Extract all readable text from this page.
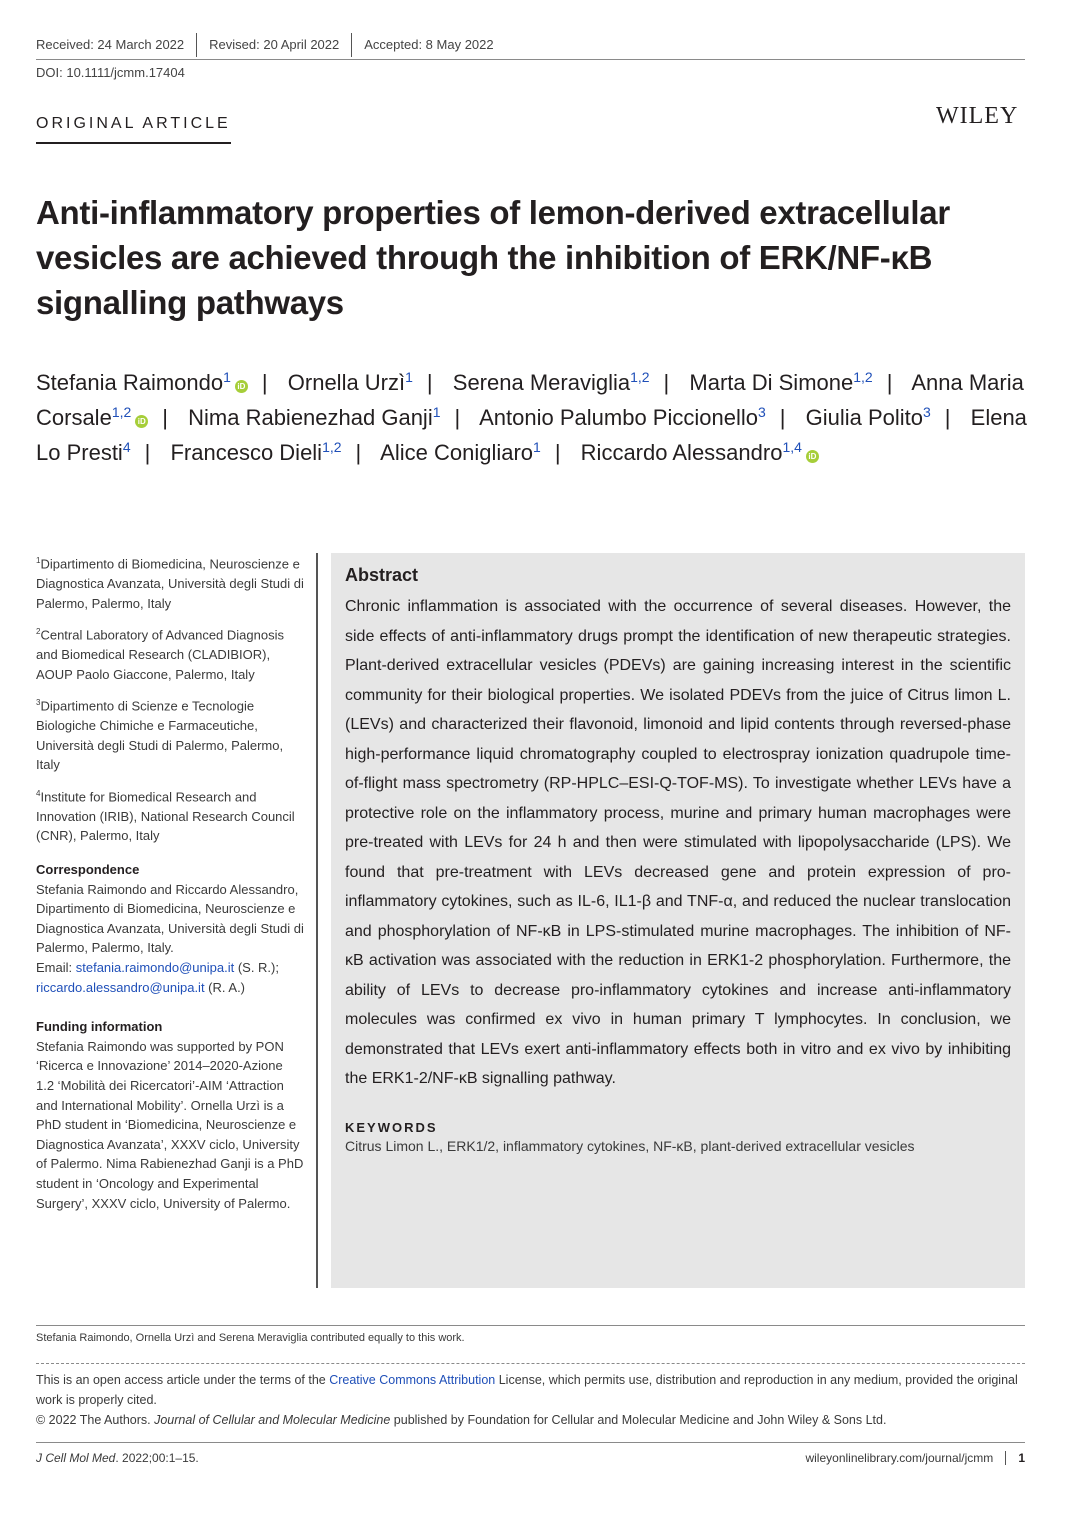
Received: 24 March 2022 Revised: 20 April 2022 Accepted: 8 May 2022
DOI: 10.1111/jcmm.17404
ORIGINAL ARTICLE	WILEY
Anti-inflammatory properties of lemon-derived extracellular vesicles are achieved through the inhibition of ERK/NF-κB signalling pathways
Stefania Raimondo$^1$iD | Ornella Urzì$^1$ | Serena Meraviglia$^{1,2}$ | Marta Di Simone$^{1,2}$ | Anna Maria Corsale$^{1,2}$iD | Nima Rabienezhad Ganji$^1$ | Antonio Palumbo Piccionello$^3$ | Giulia Polito$^3$ | Elena Lo Presti$^4$ | Francesco Dieli$^{1,2}$ | Alice Conigliaro$^1$ | Riccardo Alessandro$^{1,4}$iD
$^1$Dipartimento di Biomedicina, Neuroscienze e Diagnostica Avanzata, Università degli Studi di Palermo, Palermo, Italy
$^2$Central Laboratory of Advanced Diagnosis and Biomedical Research (CLADIBIOR), AOUP Paolo Giaccone, Palermo, Italy
$^3$Dipartimento di Scienze e Tecnologie Biologiche Chimiche e Farmaceutiche, Università degli Studi di Palermo, Palermo, Italy
$^4$Institute for Biomedical Research and Innovation (IRIB), National Research Council (CNR), Palermo, Italy
Correspondence
Stefania Raimondo and Riccardo Alessandro, Dipartimento di Biomedicina, Neuroscienze e Diagnostica Avanzata, Università degli Studi di Palermo, Palermo, Italy.
Email: stefania.raimondo@unipa.it (S. R.);
riccardo.alessandro@unipa.it (R. A.)
Funding information
Stefania Raimondo was supported by PON ‘Ricerca e Innovazione’ 2014–2020-Azione 1.2 ‘Mobilità dei Ricercatori’-AIM ‘Attraction and International Mobility’. Ornella Urzì is a PhD student in ‘Biomedicina, Neuroscienze e Diagnostica Avanzata’, XXXV ciclo, University of Palermo. Nima Rabienezhad Ganji is a PhD student in ‘Oncology and Experimental Surgery’, XXXV ciclo, University of Palermo.
Abstract
Chronic inflammation is associated with the occurrence of several diseases. However, the side effects of anti-inflammatory drugs prompt the identification of new therapeutic strategies. Plant-derived extracellular vesicles (PDEVs) are gaining increasing interest in the scientific community for their biological properties. We isolated PDEVs from the juice of Citrus limon L. (LEVs) and characterized their flavonoid, limonoid and lipid contents through reversed-phase high-performance liquid chromatography coupled to electrospray ionization quadrupole time-of-flight mass spectrometry (RP-HPLC–ESI-Q-TOF-MS). To investigate whether LEVs have a protective role on the inflammatory process, murine and primary human macrophages were pre-treated with LEVs for 24 h and then were stimulated with lipopolysaccharide (LPS). We found that pre-treatment with LEVs decreased gene and protein expression of pro-inflammatory cytokines, such as IL-6, IL1-β and TNF-α, and reduced the nuclear translocation and phosphorylation of NF-κB in LPS-stimulated murine macrophages. The inhibition of NF-κB activation was associated with the reduction in ERK1-2 phosphorylation. Furthermore, the ability of LEVs to decrease pro-inflammatory cytokines and increase anti-inflammatory molecules was confirmed ex vivo in human primary T lymphocytes. In conclusion, we demonstrated that LEVs exert anti-inflammatory effects both in vitro and ex vivo by inhibiting the ERK1-2/NF-κB signalling pathway.
KEYWORDS
Citrus Limon L., ERK1/2, inflammatory cytokines, NF-κB, plant-derived extracellular vesicles
Stefania Raimondo, Ornella Urzì and Serena Meraviglia contributed equally to this work.
This is an open access article under the terms of the Creative Commons Attribution License, which permits use, distribution and reproduction in any medium, provided the original work is properly cited.
© 2022 The Authors. Journal of Cellular and Molecular Medicine published by Foundation for Cellular and Molecular Medicine and John Wiley & Sons Ltd.
J Cell Mol Med. 2022;00:1–15.	wileyonlinelibrary.com/journal/jcmm 1
